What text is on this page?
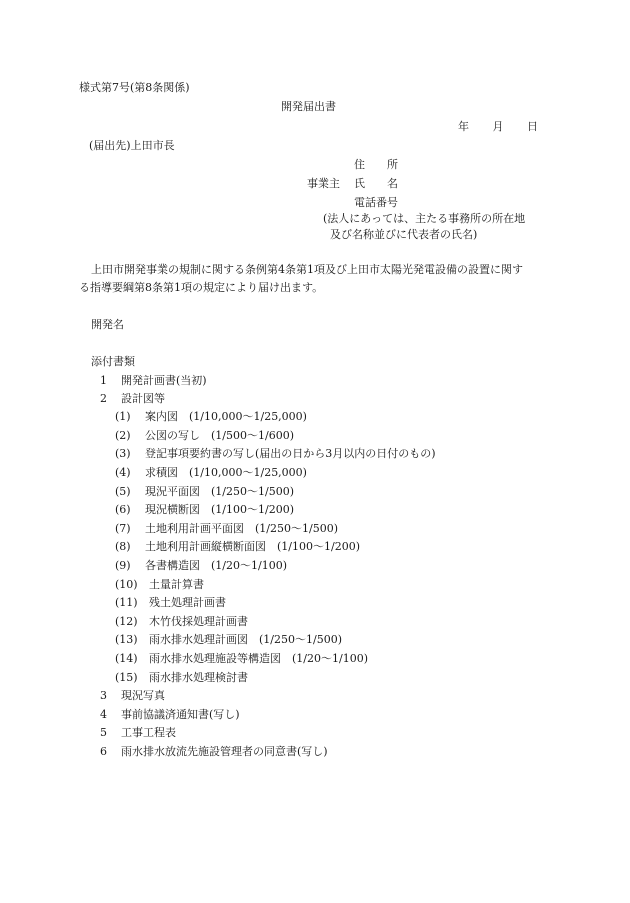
様式第7号(第8条関係)
開発届出書
年 月 日
(届出先)上田市長
住　　所
事業主 氏　　名
電話番号
(法人にあっては、主たる事務所の所在地
及び名称並びに代表者の氏名)
上田市開発事業の規制に関する条例第4条第1項及び上田市太陽光発電設備の設置に関す
る指導要綱第8条第1項の規定により届け出ます。
開発名
添付書類
1 開発計画書(当初)
2 設計図等
(1) 案内図　(1/10,000～1/25,000)
(2) 公図の写し　(1/500～1/600)
(3) 登記事項要約書の写し(届出の日から3月以内の日付のもの)
(4) 求積図　(1/10,000～1/25,000)
(5) 現況平面図　(1/250～1/500)
(6) 現況横断図　(1/100～1/200)
(7) 土地利用計画平面図　(1/250～1/500)
(8) 土地利用計画縦横断面図　(1/100～1/200)
(9) 各書構造図　(1/20～1/100)
(10) 土量計算書
(11) 残土処理計画書
(12) 木竹伐採処理計画書
(13) 雨水排水処理計画図　(1/250～1/500)
(14) 雨水排水処理施設等構造図　(1/20～1/100)
(15) 雨水排水処理検討書
3 現況写真
4 事前協議済通知書(写し)
5 工事工程表
6 雨水排水放流先施設管理者の同意書(写し)
